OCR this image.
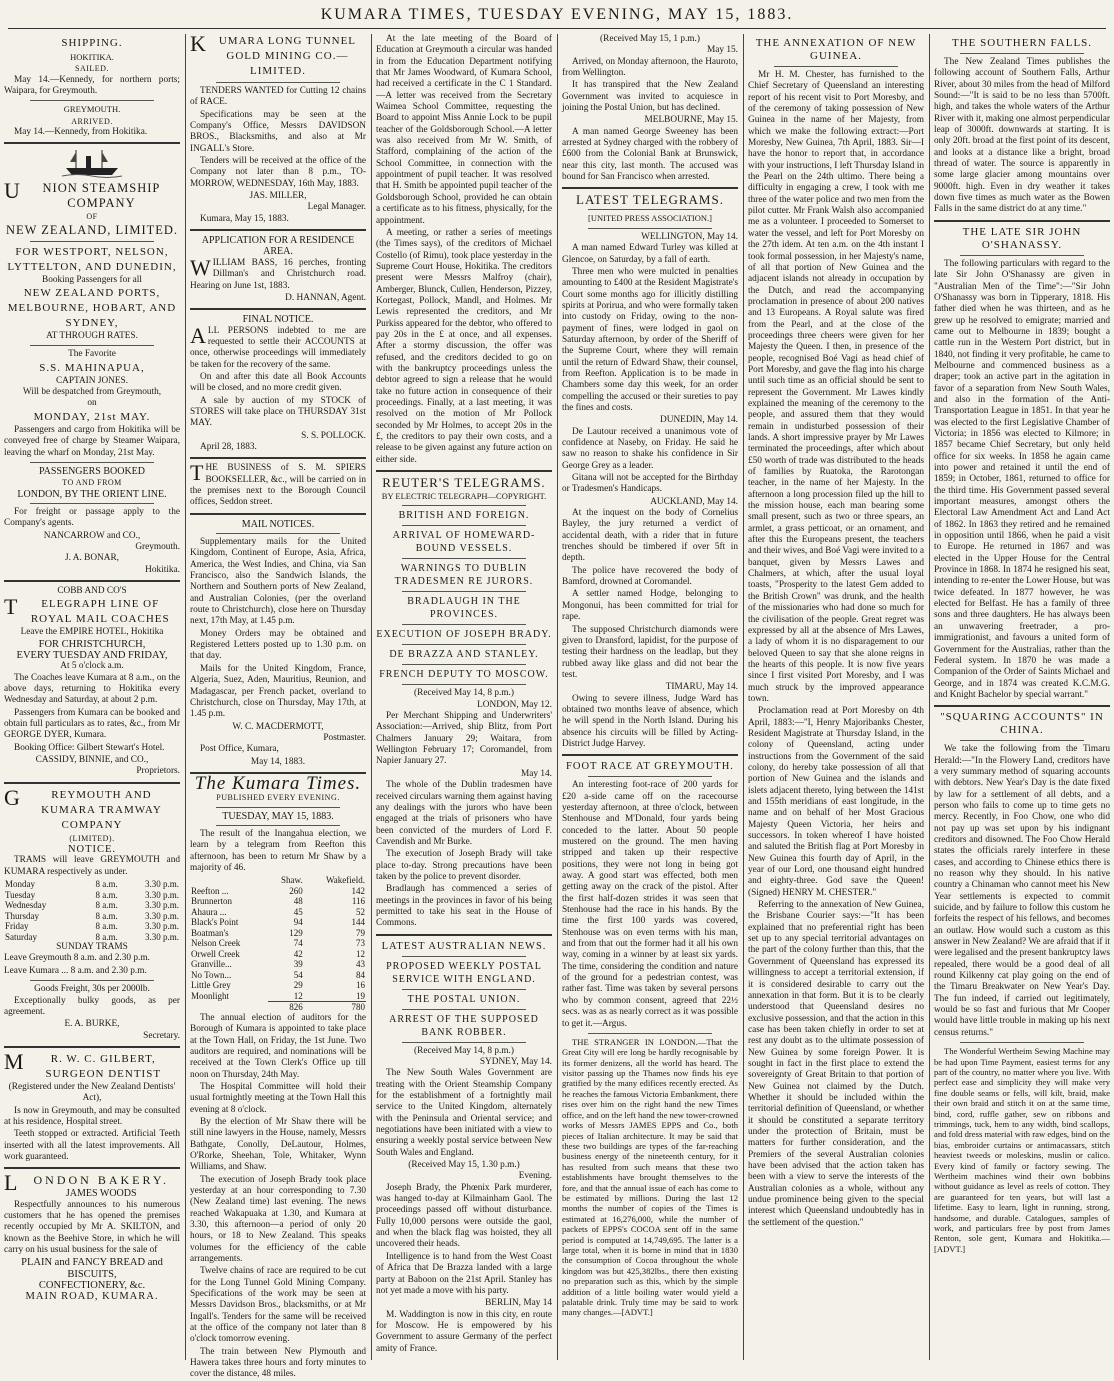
KUMARA TIMES, TUESDAY EVENING, MAY 15, 1883.
SHIPPING.
HOKITIKA.
SAILED.

May 14.—Kennedy, for northern ports; Waipara, for Greymouth.

GREYMOUTH.
ARRIVED.

May 14.—Kennedy, from Hokitika.

UNION STEAMSHIP COMPANY
OF
NEW ZEALAND, LIMITED.
FOR WESTPORT, NELSON, LYTTELTON, AND DUNEDIN,
Booking Passengers for all
NEW ZEALAND PORTS, MELBOURNE, HOBART, AND SYDNEY,
AT THROUGH RATES.
The Favorite
S.S. MAHINAPUA,
CAPTAIN JONES.
Will be despatched from Greymouth,
on
MONDAY, 21st MAY.

Passengers and cargo from Hokitika will be conveyed free of charge by Steamer Waipara, leaving the wharf on Monday, 21st May.

PASSENGERS BOOKED
TO AND FROM
LONDON, BY THE ORIENT LINE.

For freight or passage apply to the Company's agents.

NANCARROW and CO.,
Greymouth.
J. A. BONAR,
Hokitika.
COBB AND CO'S
TELEGRAPH LINE OF ROYAL MAIL COACHES
Leave the EMPIRE HOTEL, Hokitika
FOR CHRISTCHURCH,
EVERY TUESDAY AND FRIDAY,
At 5 o'clock a.m.

The Coaches leave Kumara at 8 a.m., on the above days, returning to Hokitika every Wednesday and Saturday, at about 2 p.m.

Passengers from Kumara can be booked and obtain full particulars as to rates, &c., from Mr GEORGE DYER, Kumara.

Booking Office: Gilbert Stewart's Hotel.

CASSIDY, BINNIE, and CO.,
Proprietors.
GREYMOUTH AND KUMARA TRAMWAY COMPANY
(LIMITED).
NOTICE.

TRAMS will leave GREYMOUTH and KUMARA respectively as under.

Monday	8 a.m.	3.30 p.m.
Tuesday	8 a.m.	3.30 p.m.
Wednesday	8 a.m.	3.30 p.m.
Thursday	8 a.m.	3.30 p.m.
Friday	8 a.m.	3.30 p.m.
Saturday	8 a.m.	3.30 p.m.
SUNDAY TRAMS

Leave Greymouth 8 a.m. and 2.30 p.m.

Leave Kumara ... 8 a.m. and 2.30 p.m.

Goods Freight, 30s per 2000lb.

Exceptionally bulky goods, as per agreement.

E. A. BURKE,
Secretary.
MR. W. C. GILBERT, SURGEON DENTIST

(Registered under the New Zealand Dentists' Act),

Is now in Greymouth, and may be consulted at his residence, Hospital street.

Teeth stopped or extracted. Artificial Teeth inserted with all the latest improvements. All work guaranteed.

LONDON BAKERY.
JAMES WOODS

Respectfully announces to his numerous customers that he has opened the premises recently occupied by Mr A. SKILTON, and known as the Beehive Store, in which he will carry on his usual business for the sale of

PLAIN and FANCY BREAD and BISCUITS,
CONFECTIONERY, &c.
MAIN ROAD, KUMARA.
KUMARA LONG TUNNEL GOLD MINING CO.—LIMITED.

TENDERS WANTED for Cutting 12 chains of RACE.

Specifications may be seen at the Company's Office, Messrs DAVIDSON BROS., Blacksmiths, and also at Mr INGALL's Store.

Tenders will be received at the office of the Company not later than 8 p.m., TO-MORROW, WEDNESDAY, 16th May, 1883.

JAS. MILLER,
Legal Manager.

Kumara, May 15, 1883.

APPLICATION FOR A RESIDENCE AREA.

WILLIAM BASS, 16 perches, fronting Dillman's and Christchurch road. Hearing on June 1st, 1883.

D. HANNAN, Agent.
FINAL NOTICE.

ALL PERSONS indebted to me are requested to settle their ACCOUNTS at once, otherwise proceedings will immediately be taken for the recovery of the same.

On and after this date all Book Accounts will be closed, and no more credit given.

A sale by auction of my STOCK of STORES will take place on THURSDAY 31st MAY.

S. S. POLLOCK.

April 28, 1883.

THE BUSINESS of S. M. SPIERS BOOKSELLER, &c., will be carried on in the premises next to the Borough Council offices, Seddon street.

MAIL NOTICES.

Supplementary mails for the United Kingdom, Continent of Europe, Asia, Africa, America, the West Indies, and China, via San Francisco, also the Sandwich Islands, the Northern and Southern ports of New Zealand, and Australian Colonies, (per the overland route to Christchurch), close here on Thursday next, 17th May, at 1.45 p.m.

Money Orders may be obtained and Registered Letters posted up to 1.30 p.m. on that day.

Mails for the United Kingdom, France, Algeria, Suez, Aden, Mauritius, Reunion, and Madagascar, per French packet, overland to Christchurch, close on Thursday, May 17th, at 1.45 p.m.

W. C. MACDERMOTT,
Postmaster.

Post Office, Kumara,

May 14, 1883.
The Kumara Times.
PUBLISHED EVERY EVENING.
TUESDAY, MAY 15, 1883.

The result of the Inangahua election, we learn by a telegram from Reefton this afternoon, has been to return Mr Shaw by a majority of 46.

	Shaw.	Wakefield.
Reefton ...	260	142
Brunnerton	48	116
Ahaura ...	45	52
Black's Point	94	144
Boatman's	129	79
Nelson Creek	74	73
Orwell Creek	42	12
Granville...	39	43
No Town...	54	84
Little Grey	29	16
Moonlight	12	19
	826	780

The annual election of auditors for the Borough of Kumara is appointed to take place at the Town Hall, on Friday, the 1st June. Two auditors are required, and nominations will be received at the Town Clerk's Office up till noon on Thursday, 24th May.

The Hospital Committee will hold their usual fortnightly meeting at the Town Hall this evening at 8 o'clock.

By the election of Mr Shaw there will be still nine lawyers in the House, namely, Messrs Bathgate, Conolly, DeLautour, Holmes, O'Rorke, Sheehan, Tole, Whitaker, Wynn Williams, and Shaw.

The execution of Joseph Brady took place yesterday at an hour corresponding to 7.30 (New Zealand time) last evening. The news reached Wakapuaka at 1.30, and Kumara at 3.30, this afternoon—a period of only 20 hours, or 18 to New Zealand. This speaks volumes for the efficiency of the cable arrangements.

Twelve chains of race are required to be cut for the Long Tunnel Gold Mining Company. Specifications of the work may be seen at Messrs Davidson Bros., blacksmiths, or at Mr Ingall's. Tenders for the same will be received at the office of the company not later than 8 o'clock tomorrow evening.

The train between New Plymouth and Hawera takes three hours and forty minutes to cover the distance, 48 miles.

At the late meeting of the Board of Education at Greymouth a circular was handed in from the Education Department notifying that Mr James Woodward, of Kumara School, had received a certificate in the C 1 Standard.—A letter was received from the Secretary Waimea School Committee, requesting the Board to appoint Miss Annie Lock to be pupil teacher of the Goldsborough School.—A letter was also received from Mr W. Smith, of Stafford, complaining of the action of the School Committee, in connection with the appointment of pupil teacher. It was resolved that H. Smith be appointed pupil teacher of the Goldsborough School, provided he can obtain a certificate as to his fitness, physically, for the appointment.

A meeting, or rather a series of meetings (the Times says), of the creditors of Michael Costello (of Rimu), took place yesterday in the Supreme Court House, Hokitika. The creditors present were Messrs Malfroy (chair), Amberger, Blunck, Cullen, Henderson, Pizzey, Kortegast, Pollock, Mandl, and Holmes. Mr Lewis represented the creditors, and Mr Purkiss appeared for the debtor, who offered to pay 20s in the £ at once, and all expenses. After a stormy discussion, the offer was refused, and the creditors decided to go on with the bankruptcy proceedings unless the debtor agreed to sign a release that he would take no future action in consequence of their proceedings. Finally, at a last meeting, it was resolved on the motion of Mr Pollock seconded by Mr Holmes, to accept 20s in the £, the creditors to pay their own costs, and a release to be given against any future action on either side.

REUTER'S TELEGRAMS.
BY ELECTRIC TELEGRAPH—COPYRIGHT.
BRITISH AND FOREIGN.
ARRIVAL OF HOMEWARD-BOUND VESSELS.
WARNINGS TO DUBLIN TRADESMEN RE JURORS.
BRADLAUGH IN THE PROVINCES.
EXECUTION OF JOSEPH BRADY.
DE BRAZZA AND STANLEY.
FRENCH DEPUTY TO MOSCOW.
(Received May 14, 8 p.m.)
LONDON, May 12.

Per Merchant Shipping and Underwriters' Association:—Arrived, ship Blitz, from Port Chalmers January 29; Waitara, from Wellington February 17; Coromandel, from Napier January 27.

May 14.

The whole of the Dublin tradesmen have received circulars warning them against having any dealings with the jurors who have been engaged at the trials of prisoners who have been convicted of the murders of Lord F. Cavendish and Mr Burke.

The execution of Joseph Brady will take place to-day. Strong precautions have been taken by the police to prevent disorder.

Bradlaugh has commenced a series of meetings in the provinces in favor of his being permitted to take his seat in the House of Commons.

LATEST AUSTRALIAN NEWS.
PROPOSED WEEKLY POSTAL SERVICE WITH ENGLAND.
THE POSTAL UNION.
ARREST OF THE SUPPOSED BANK ROBBER.
(Received May 14, 8 p.m.)
SYDNEY, May 14.

The New South Wales Government are treating with the Orient Steamship Company for the establishment of a fortnightly mail service to the United Kingdom, alternately with the Peninsula and Oriental service; and negotiations have been initiated with a view to ensuring a weekly postal service between New South Wales and England.

(Received May 15, 1.30 p.m.)
Evening.

Joseph Brady, the Phœnix Park murderer, was hanged to-day at Kilmainham Gaol. The proceedings passed off without disturbance. Fully 10,000 persons were outside the gaol, and when the black flag was hoisted, they all uncovered their heads.

Intelligence is to hand from the West Coast of Africa that De Brazza landed with a large party at Baboon on the 21st April. Stanley has not yet made a move with his party.

BERLIN, May 14

M. Waddington is now in this city, en route for Moscow. He is empowered by his Government to assure Germany of the perfect amity of France.

(Received May 15, 1 p.m.)
May 15.

Arrived, on Monday afternoon, the Hauroto, from Wellington.

It has transpired that the New Zealand Government was invited to acquiesce in joining the Postal Union, but has declined.

MELBOURNE, May 15.

A man named George Sweeney has been arrested at Sydney charged with the robbery of £600 from the Colonial Bank at Brunswick, near this city, last month. The accused was bound for San Francisco when arrested.

LATEST TELEGRAMS.
[UNITED PRESS ASSOCIATION.]
WELLINGTON, May 14.

A man named Edward Turley was killed at Glencoe, on Saturday, by a fall of earth.

Three men who were mulcted in penalties amounting to £400 at the Resident Magistrate's Court some months ago for illicitly distilling spirits at Porirua, and who were formally taken into custody on Friday, owing to the non-payment of fines, were lodged in gaol on Saturday afternoon, by order of the Sheriff of the Supreme Court, where they will remain until the return of Edward Shaw, their counsel, from Reefton. Application is to be made in Chambers some day this week, for an order compelling the accused or their sureties to pay the fines and costs.

DUNEDIN, May 14.

De Lautour received a unanimous vote of confidence at Naseby, on Friday. He said he saw no reason to shake his confidence in Sir George Grey as a leader.

Gitana will not be accepted for the Birthday or Tradesmen's Handicaps.

AUCKLAND, May 14.

At the inquest on the body of Cornelius Bayley, the jury returned a verdict of accidental death, with a rider that in future trenches should be timbered if over 5ft in depth.

The police have recovered the body of Bamford, drowned at Coromandel.

A settler named Hodge, belonging to Mongonui, has been committed for trial for rape.

The supposed Christchurch diamonds were given to Dransford, lapidist, for the purpose of testing their hardness on the leadlap, but they rubbed away like glass and did not bear the test.

TIMARU, May 14.

Owing to severe illness, Judge Ward has obtained two months leave of absence, which he will spend in the North Island. During his absence his circuits will be filled by Acting-District Judge Harvey.

FOOT RACE AT GREYMOUTH.

An interesting foot-race of 200 yards for £20 a-side came off on the racecourse yesterday afternoon, at three o'clock, between Stenhouse and M'Donald, four yards being conceded to the latter. About 50 people mustered on the ground. The men having stripped and taken up their respective positions, they were not long in being got away. A good start was effected, both men getting away on the crack of the pistol. After the first half-dozen strides it was seen that Stenhouse had the race in his hands. By the time the first 100 yards was covered, Stenhouse was on even terms with his man, and from that out the former had it all his own way, coming in a winner by at least six yards. The time, considering the condition and nature of the ground for a pedestrian contest, was rather fast. Time was taken by several persons who by common consent, agreed that 22½ secs. was as as nearly correct as it was possible to get it.—Argus.

THE STRANGER IN LONDON.—That the Great City will ere long be hardly recognisable by its former denizens, all the world has heard. The visitor passing up the Thames now finds his eye gratified by the many edifices recently erected. As he reaches the famous Victoria Embankment, there rises over him on the right hand the new Times office, and on the left hand the new tower-crowned works of Messrs JAMES EPPS and Co., both pieces of Italian architecture. It may be said that these two buildings are types of the far-reaching business energy of the nineteenth century, for it has resulted from such means that these two establishments have brought themselves to the fore, and that the annual issue of each has come to be estimated by millions. During the last 12 months the number of copies of the Times is estimated at 16,276,000, while the number of packets of EPPS's COCOA sent off in the same period is computed at 14,749,695. The latter is a large total, when it is borne in mind that in 1830 the consumption of Cocoa throughout the whole kingdom was but 425,382lbs., there then existing no preparation such as this, which by the simple addition of a little boiling water would yield a palatable drink. Truly time may be said to work many changes.—[ADVT.]

THE ANNEXATION OF NEW GUINEA.

Mr H. M. Chester, has furnished to the Chief Secretary of Queensland an interesting report of his recent visit to Port Moresby, and of the ceremony of taking possession of New Guinea in the name of her Majesty, from which we make the following extract:—Port Moresby, New Guinea, 7th April, 1883. Sir—I have the honor to report that, in accordance with your instructions, I left Thursday Island in the Pearl on the 24th ultimo. There being a difficulty in engaging a crew, I took with me three of the water police and two men from the pilot cutter. Mr Frank Walsh also accompanied me as a volunteer. I proceeded to Somerset to water the vessel, and left for Port Moresby on the 27th idem. At ten a.m. on the 4th instant I took formal possession, in her Majesty's name, of all that portion of New Guinea and the adjacent islands not already in occupation by the Dutch, and read the accompanying proclamation in presence of about 200 natives and 13 Europeans. A Royal salute was fired from the Pearl, and at the close of the proceedings three cheers were given for her Majesty the Queen. I then, in presence of the people, recognised Boé Vagi as head chief of Port Moresby, and gave the flag into his charge until such time as an official should be sent to represent the Government. Mr Lawes kindly explained the meaning of the ceremony to the people, and assured them that they would remain in undisturbed possession of their lands. A short impressive prayer by Mr Lawes terminated the proceedings, after which about £50 worth of trade was distributed to the heads of families by Ruatoka, the Rarotongan teacher, in the name of her Majesty. In the afternoon a long procession filed up the hill to the mission house, each man bearing some small present, such as two or three spears, an armlet, a grass petticoat, or an ornament, and after this the Europeans present, the teachers and their wives, and Boé Vagi were invited to a banquet, given by Messrs Lawes and Chalmers, at which, after the usual loyal toasts, "Prosperity to the latest Gem added to the British Crown" was drunk, and the health of the missionaries who had done so much for the civilisation of the people. Great regret was expressed by all at the absence of Mrs Lawes, a lady of whom it is no disparagement to our beloved Queen to say that she alone reigns in the hearts of this people. It is now five years since I first visited Port Moresby, and I was much struck by the improved appearance town.

Proclamation read at Port Moresby on 4th April, 1883:—"I, Henry Majoribanks Chester, Resident Magistrate at Thursday Island, in the colony of Queensland, acting under instructions from the Government of the said colony, do hereby take possession of all that portion of New Guinea and the islands and islets adjacent thereto, lying between the 141st and 155th meridians of east longitude, in the name and on behalf of her Most Gracious Majesty Queen Victoria, her heirs and successors. In token whereof I have hoisted and saluted the British flag at Port Moresby in New Guinea this fourth day of April, in the year of our Lord, one thousand eight hundred and eighty-three. God save the Queen! (Signed) HENRY M. CHESTER."

Referring to the annexation of New Guinea, the Brisbane Courier says:—"It has been explained that no preferential right has been set up to any special territorial advantages on the part of the colony further than this, that the Government of Queensland has expressed its willingness to accept a territorial extension, if it is considered desirable to carry out the annexation in that form. But it is to be clearly understood that Queensland desires no exclusive possession, and that the action in this case has been taken chiefly in order to set at rest any doubt as to the ultimate possession of New Guinea by some foreign Power. It is sought in fact in the first place to extend the sovereignty of Great Britain to that portion of New Guinea not claimed by the Dutch. Whether it should be included within the territorial definition of Queensland, or whether it should be constituted a separate territory under the protection of Britain, must be matters for further consideration, and the Premiers of the several Australian colonies have been advised that the action taken has been with a view to serve the interests of the Australian colonies as a whole, without any undue prominence being given to the special interest which Queensland undoubtedly has in the settlement of the question."

THE SOUTHERN FALLS.

The New Zealand Times publishes the following account of Southern Falls, Arthur River, about 30 miles from the head of Milford Sound:—"It is said to be no less than 5700ft. high, and takes the whole waters of the Arthur River with it, making one almost perpendicular leap of 3000ft. downwards at starting. It is only 20ft. broad at the first point of its descent, and looks at a distance like a bright, broad thread of water. The source is apparently in some large glacier among mountains over 9000ft. high. Even in dry weather it takes down five times as much water as the Bowen Falls in the same district do at any time."

THE LATE SIR JOHN O'SHANASSY.

The following particulars with regard to the late Sir John O'Shanassy are given in "Australian Men of the Time":—"Sir John O'Shanassy was born in Tipperary, 1818. His father died when he was thirteen, and as he grew up he resolved to emigrate; married and came out to Melbourne in 1839; bought a cattle run in the Western Port district, but in 1840, not finding it very profitable, he came to Melbourne and commenced business as a draper; took an active part in the agitation in favor of a separation from New South Wales, and also in the formation of the Anti-Transportation League in 1851. In that year he was elected to the first Legislative Chamber of Victoria; in 1856 was elected to Kilmore; in 1857 became Chief Secretary, but only held office for six weeks. In 1858 he again came into power and retained it until the end of 1859; in October, 1861, returned to office for the third time. His Government passed several important measures, amongst others the Electoral Law Amendment Act and Land Act of 1862. In 1863 they retired and he remained in opposition until 1866, when he paid a visit to Europe. He returned in 1867 and was elected in the Upper House for the Central Province in 1868. In 1874 he resigned his seat, intending to re-enter the Lower House, but was twice defeated. In 1877 however, he was elected for Belfast. He has a family of three sons and three daughters. He has always been an unwavering freetrader, a pro-immigrationist, and favours a united form of Government for the Australias, rather than the Federal system. In 1870 he was made a Companion of the Order of Saints Michael and George, and in 1874 was created K.C.M.G. and Knight Bachelor by special warrant."

"SQUARING ACCOUNTS" IN CHINA.

We take the following from the Timaru Herald:—"In the Flowery Land, creditors have a very summary method of squaring accounts with debtors. New Year's Day is the date fixed by law for a settlement of all debts, and a person who fails to come up to time gets no mercy. Recently, in Foo Chow, one who did not pay up was set upon by his indignant creditors and disowned. The Foo Chow Herald states the officials rarely interfere in these cases, and according to Chinese ethics there is no reason why they should. In his native country a Chinaman who cannot meet his New Year settlements is expected to commit suicide, and by failure to follow this custom he forfeits the respect of his fellows, and becomes an outlaw. How would such a custom as this answer in New Zealand? We are afraid that if it were legalised and the present bankruptcy laws repealed, there would be a good deal of all round Kilkenny cat play going on the end of the Timaru Breakwater on New Year's Day. The fun indeed, if carried out legitimately, would be so fast and furious that Mr Cooper would have little trouble in making up his next census returns."

The Wonderful Wertheim Sewing Machine may be had upon Time Payment, easiest terms for any part of the country, no matter where you live. With perfect ease and simplicity they will make very fine double seams or fells, will kilt, braid, make their own braid and stitch it on at the same time, bind, cord, ruffle gather, sew on ribbons and trimmings, tuck, hem to any width, bind scallops, and fold dress material with raw edges, bind on the bias, embroider curtains or antimacassars, stitch heaviest tweeds or moleskins, muslin or calico. Every kind of family or factory sewing. The Wertheim machines wind their own bobbins without guidance as level as reels of cotton. They are guaranteed for ten years, but will last a lifetime. Easy to learn, light in running, strong, handsome, and durable. Catalogues, samples of work, and particulars free by post from James Renton, sole gent, Kumara and Hokitika.—[ADVT.]
